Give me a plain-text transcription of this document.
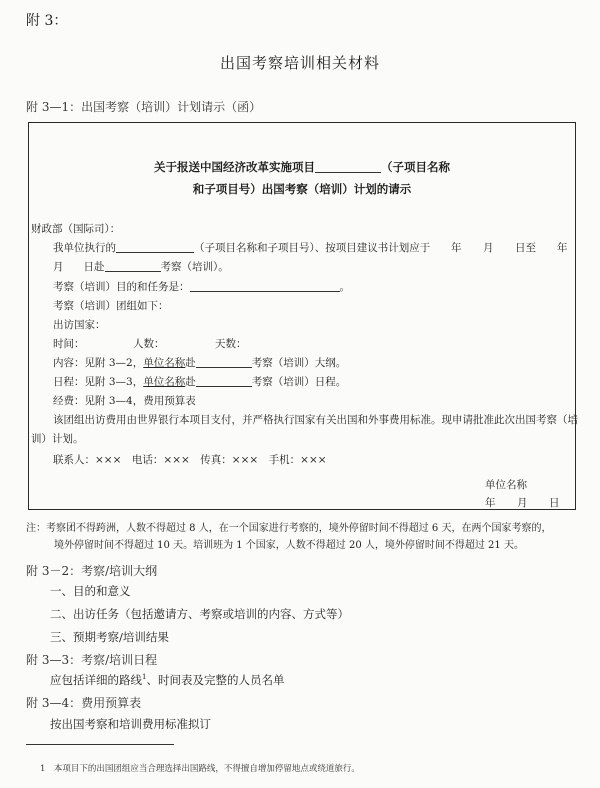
附 3：
出国考察培训相关材料
附 3—1：出国考察（培训）计划请示（函）
关于报送中国经济改革实施项目	（子项目名称
和子项目号）出国考察（培训）计划的请示
财政部（国际司）：
我单位执行的	（子项目名称和子项目号）、按项目建议书计划应于 年 月 日至 年
月 日赴	考察（培训）。
考察（培训）目的和任务是：	。
考察（培训）团组如下：
出访国家：
时间：	人数：	天数：
内容：见附 3—2，单位名称赴	考察（培训）大纲。
日程：见附 3—3，单位名称赴	考察（培训）日程。
经费：见附 3—4，费用预算表
该团组出访费用由世界银行本项目支付，并严格执行国家有关出国和外事费用标准。现申请批准此次出国考察（培
训）计划。
联系人：×××　电话：×××　传真：×××　手机：×××
单位名称
年 月 日
注：考察团不得跨洲，人数不得超过 8 人，在一个国家进行考察的，境外停留时间不得超过 6 天，在两个国家考察的，
境外停留时间不得超过 10 天。培训班为 1 个国家，人数不得超过 20 人，境外停留时间不得超过 21 天。
附 3－2：考察/培训大纲
一、目的和意义
二、出访任务（包括邀请方、考察或培训的内容、方式等）
三、预期考察/培训结果
附 3—3：考察/培训日程
应包括详细的路线$^1$、时间表及完整的人员名单
附 3—4：费用预算表
按出国考察和培训费用标准拟订
1　本项目下的出国团组应当合理选择出国路线，不得擅自增加停留地点或绕道旅行。
